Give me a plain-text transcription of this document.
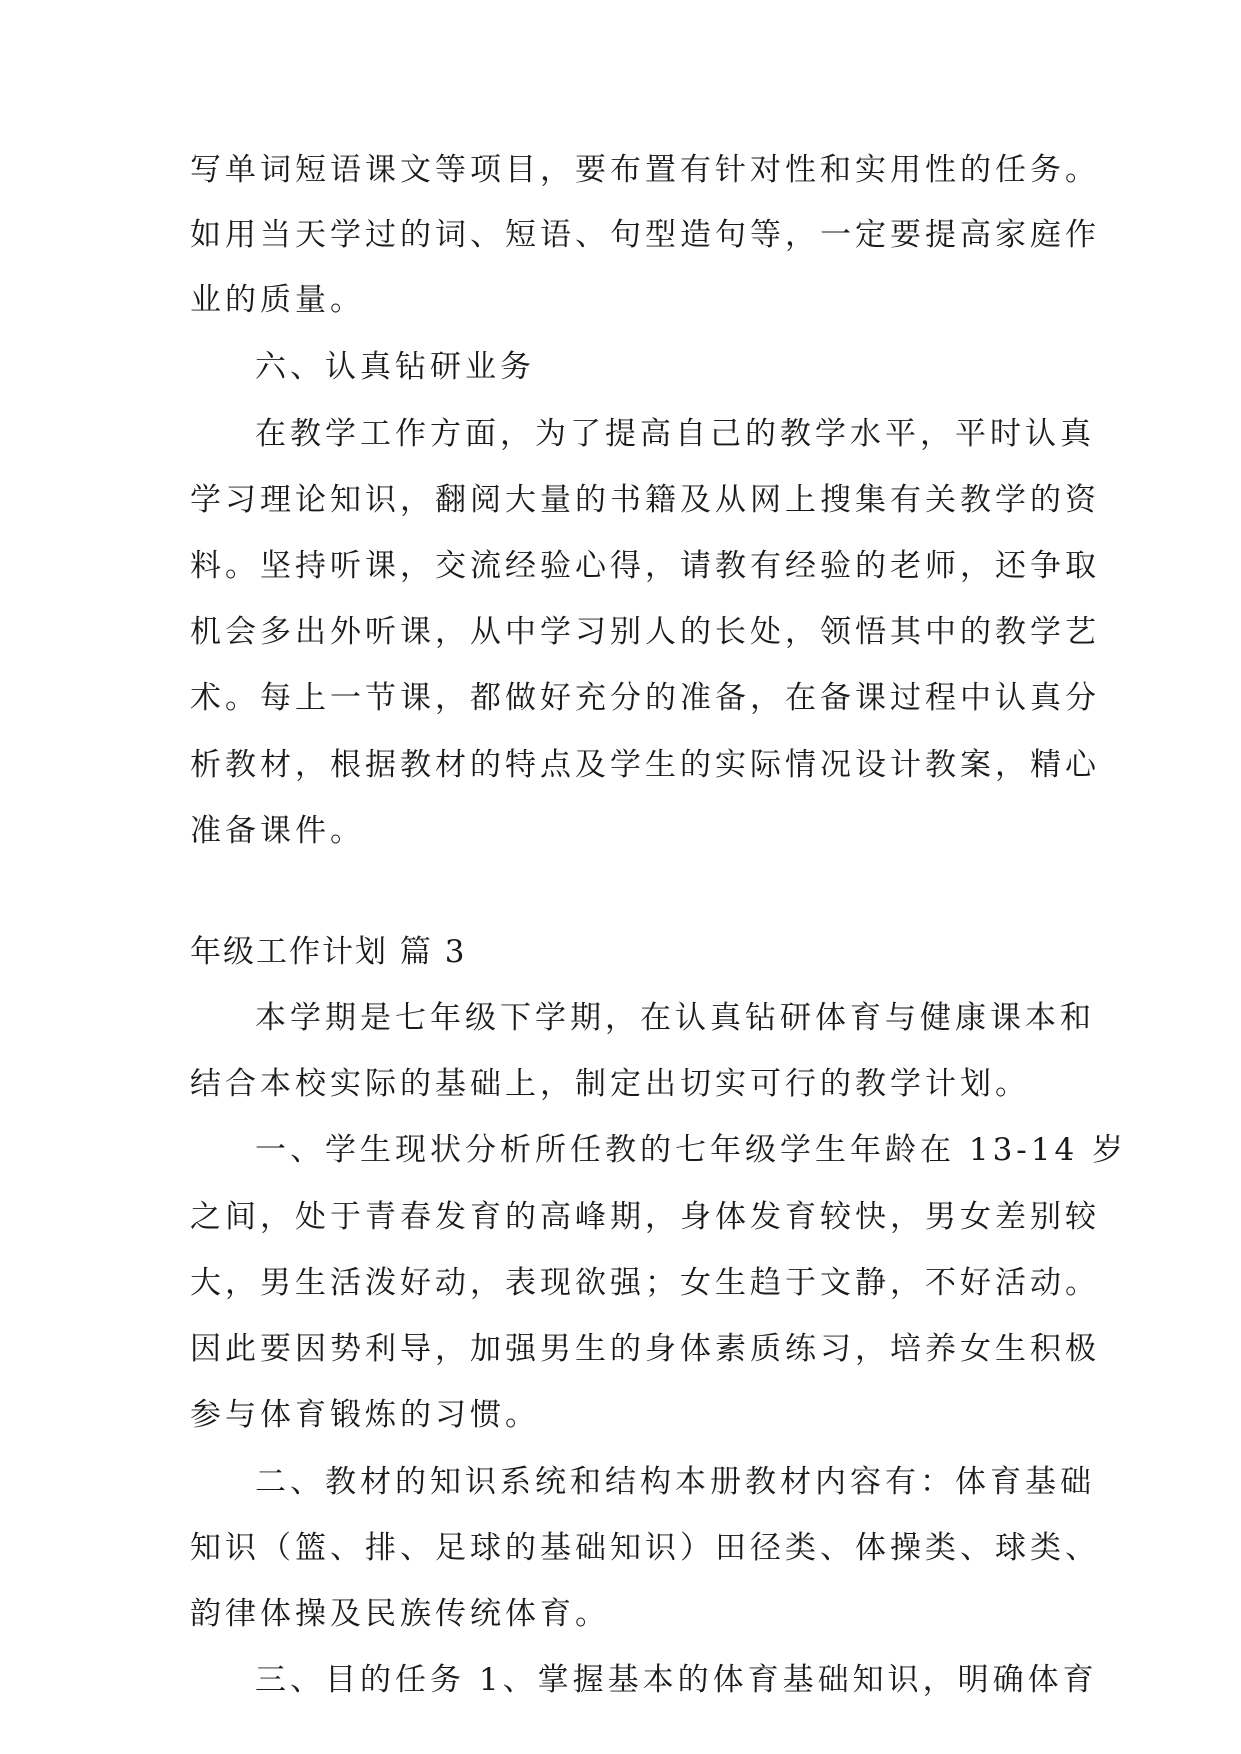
写单词短语课文等项目，要布置有针对性和实用性的任务。
如用当天学过的词、短语、句型造句等，一定要提高家庭作
业的质量。
六、认真钻研业务
在教学工作方面，为了提高自己的教学水平，平时认真
学习理论知识，翻阅大量的书籍及从网上搜集有关教学的资
料。坚持听课，交流经验心得，请教有经验的老师，还争取
机会多出外听课，从中学习别人的长处，领悟其中的教学艺
术。每上一节课，都做好充分的准备，在备课过程中认真分
析教材，根据教材的特点及学生的实际情况设计教案，精心
准备课件。
年级工作计划 篇 3
本学期是七年级下学期，在认真钻研体育与健康课本和
结合本校实际的基础上，制定出切实可行的教学计划。
一、学生现状分析所任教的七年级学生年龄在 13-14 岁
之间，处于青春发育的高峰期，身体发育较快，男女差别较
大，男生活泼好动，表现欲强；女生趋于文静，不好活动。
因此要因势利导，加强男生的身体素质练习，培养女生积极
参与体育锻炼的习惯。
二、教材的知识系统和结构本册教材内容有：体育基础
知识（篮、排、足球的基础知识）田径类、体操类、球类、
韵律体操及民族传统体育。
三、目的任务 1、掌握基本的体育基础知识，明确体育
